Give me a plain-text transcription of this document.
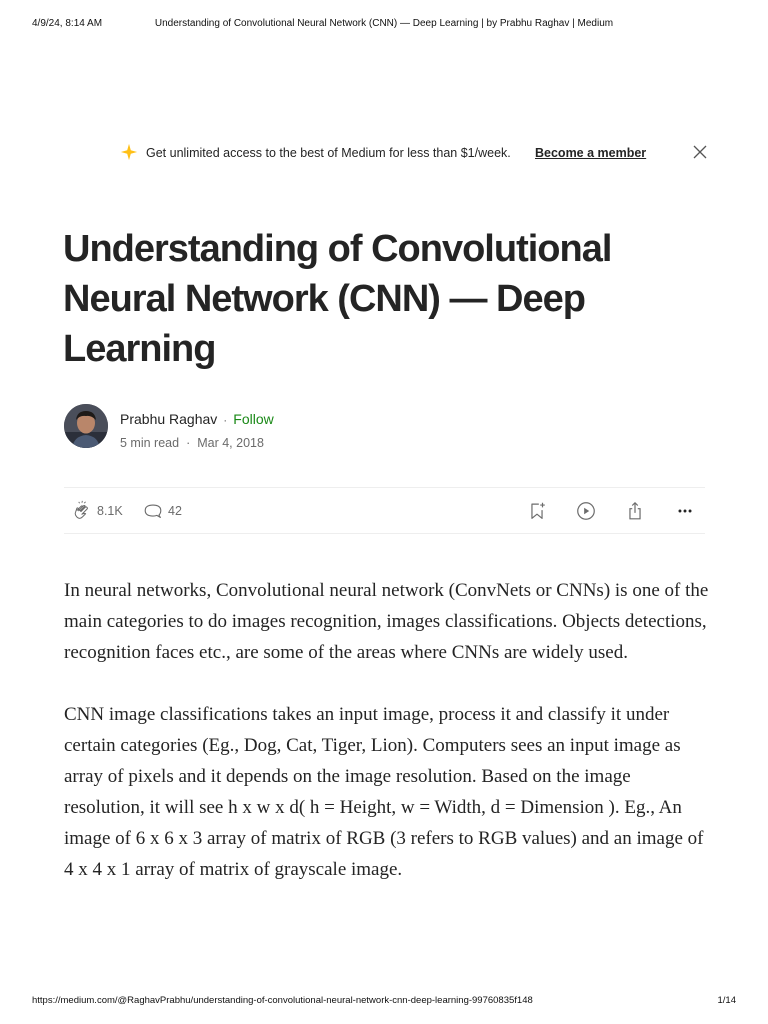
4/9/24, 8:14 AM	Understanding of Convolutional Neural Network (CNN) — Deep Learning | by Prabhu Raghav | Medium
Get unlimited access to the best of Medium for less than $1/week. Become a member
Understanding of Convolutional Neural Network (CNN) — Deep Learning
Prabhu Raghav · Follow
5 min read · Mar 4, 2018
8.1K	42

In neural networks, Convolutional neural network (ConvNets or CNNs) is one of the main categories to do images recognition, images classifications. Objects detections, recognition faces etc., are some of the areas where CNNs are widely used.

CNN image classifications takes an input image, process it and classify it under certain categories (Eg., Dog, Cat, Tiger, Lion). Computers sees an input image as array of pixels and it depends on the image resolution. Based on the image resolution, it will see h x w x d( h = Height, w = Width, d = Dimension ). Eg., An image of 6 x 6 x 3 array of matrix of RGB (3 refers to RGB values) and an image of 4 x 4 x 1 array of matrix of grayscale image.

https://medium.com/@RaghavPrabhu/understanding-of-convolutional-neural-network-cnn-deep-learning-99760835f148	1/14
